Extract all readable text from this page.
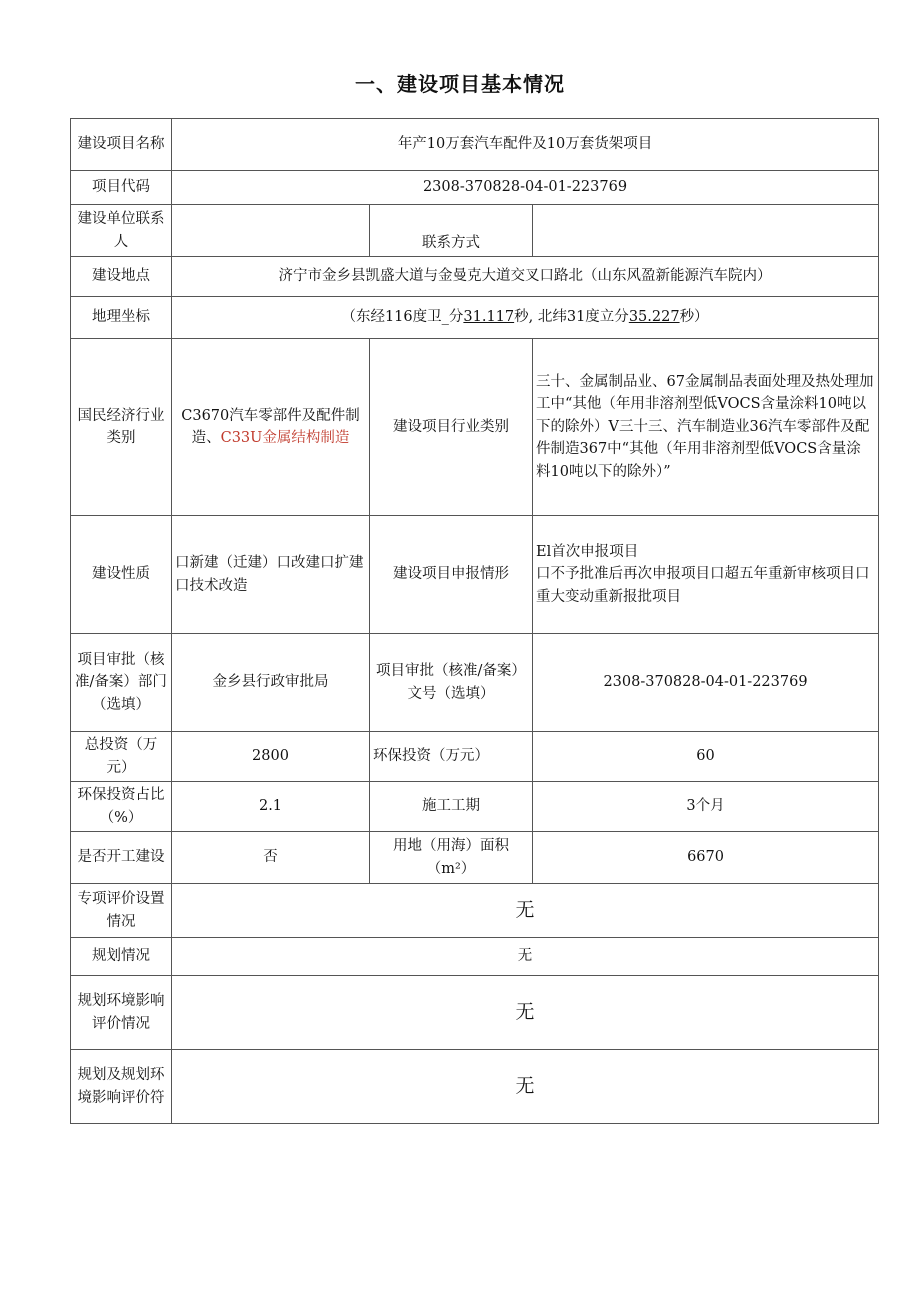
一、建设项目基本情况
建设项目名称	年产10万套汽车配件及10万套货架项目		
项目代码	2308-370828-04-01-223769		
建设单位联系人		联系方式	
建设地点	济宁市金乡县凯盛大道与金曼克大道交叉口路北（山东风盈新能源汽车院内）		
地理坐标	（东经116度卫_分31.117秒, 北纬31度立分35.227秒）		
国民经济行业类别	C3670汽车零部件及配件制造、C33U金属结构制造	建设项目行业类别	三十、金属制品业、67金属制品表面处理及热处理加工中“其他（年用非溶剂型低VOCS含量涂料10吨以下的除外）V三十三、汽车制造业36汽车零部件及配件制造367中“其他（年用非溶剂型低VOCS含量涂料10吨以下的除外）”
建设性质	口新建（迁建）口改建口扩建口技术改造	建设项目申报情形	El首次申报项目
口不予批准后再次申报项目口超五年重新审核项目口重大变动重新报批项目

项目审批（核准/备案）部门（选填）	金乡县行政审批局	项目审批（核准/备案）文号（选填）	2308-370828-04-01-223769
总投资（万元）	2800	环保投资（万元）	60
环保投资占比（%）	2.1	施工工期	3个月
是否开工建设	否	用地（用海）面积（m²）	6670
专项评价设置情况	无		
规划情况	无		
规划环境影响评价情况	无		
规划及规划环境影响评价符	无		
